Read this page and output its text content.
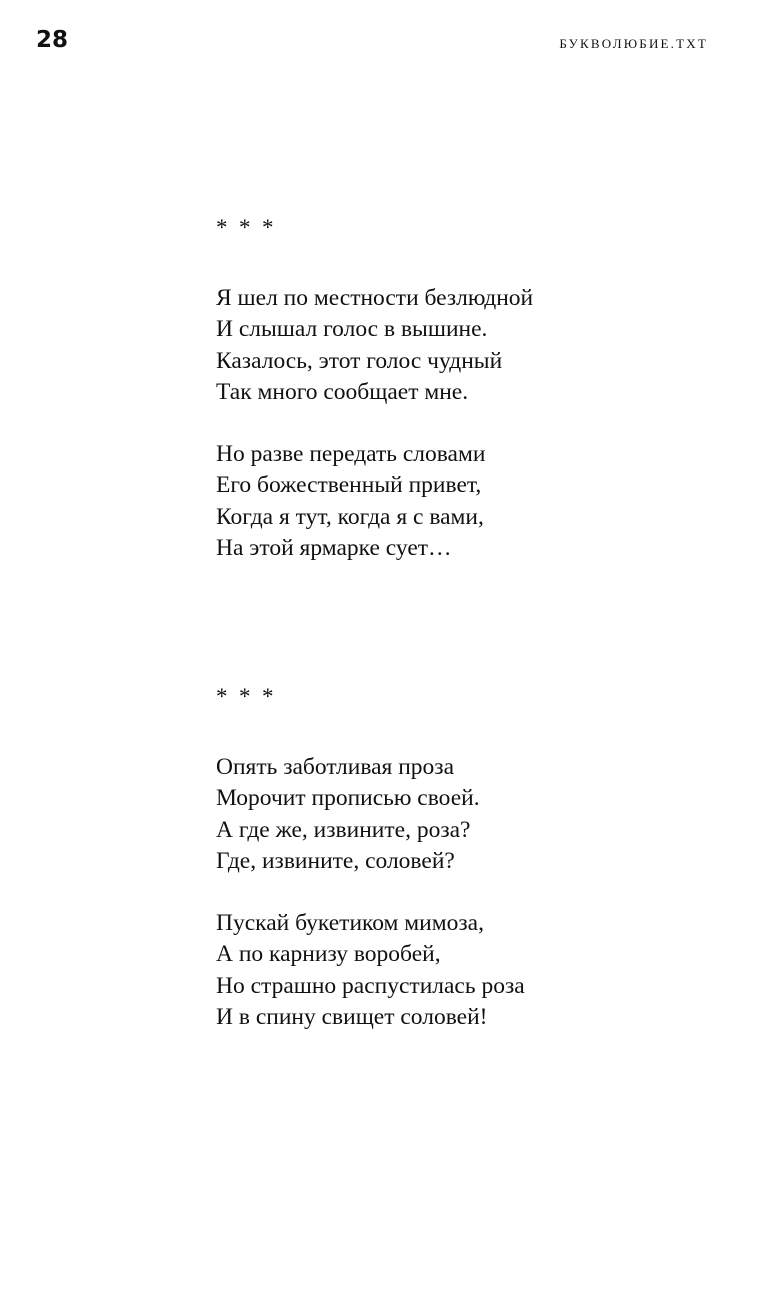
28	БУКВОЛЮБИЕ.ТХТ
*  *  *
Я шел по местности безлюдной
И слышал голос в вышине.
Казалось, этот голос чудный
Так много сообщает мне.
Но разве передать словами
Его божественный привет,
Когда я тут, когда я с вами,
На этой ярмарке сует…
*  *  *
Опять заботливая проза
Морочит прописью своей.
А где же, извините, роза?
Где, извините, соловей?
Пускай букетиком мимоза,
А по карнизу воробей,
Но страшно распустилась роза
И в спину свищет соловей!
